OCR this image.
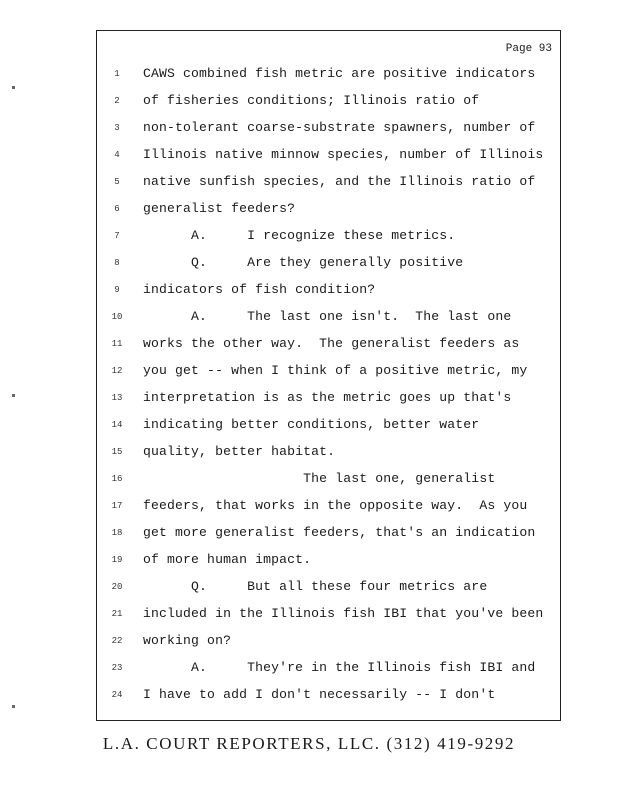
Page 93
1	CAWS combined fish metric are positive indicators
2	of fisheries conditions; Illinois ratio of
3	non-tolerant coarse-substrate spawners, number of
4	Illinois native minnow species, number of Illinois
5	native sunfish species, and the Illinois ratio of
6	generalist feeders?
7	A.     I recognize these metrics.
8	Q.     Are they generally positive
9	indicators of fish condition?
10	A.     The last one isn't.  The last one
11	works the other way.  The generalist feeders as
12	you get -- when I think of a positive metric, my
13	interpretation is as the metric goes up that's
14	indicating better conditions, better water
15	quality, better habitat.
16	The last one, generalist
17	feeders, that works in the opposite way.  As you
18	get more generalist feeders, that's an indication
19	of more human impact.
20	Q.     But all these four metrics are
21	included in the Illinois fish IBI that you've been
22	working on?
23	A.     They're in the Illinois fish IBI and
24	I have to add I don't necessarily -- I don't
L.A. COURT REPORTERS, LLC. (312) 419-9292
